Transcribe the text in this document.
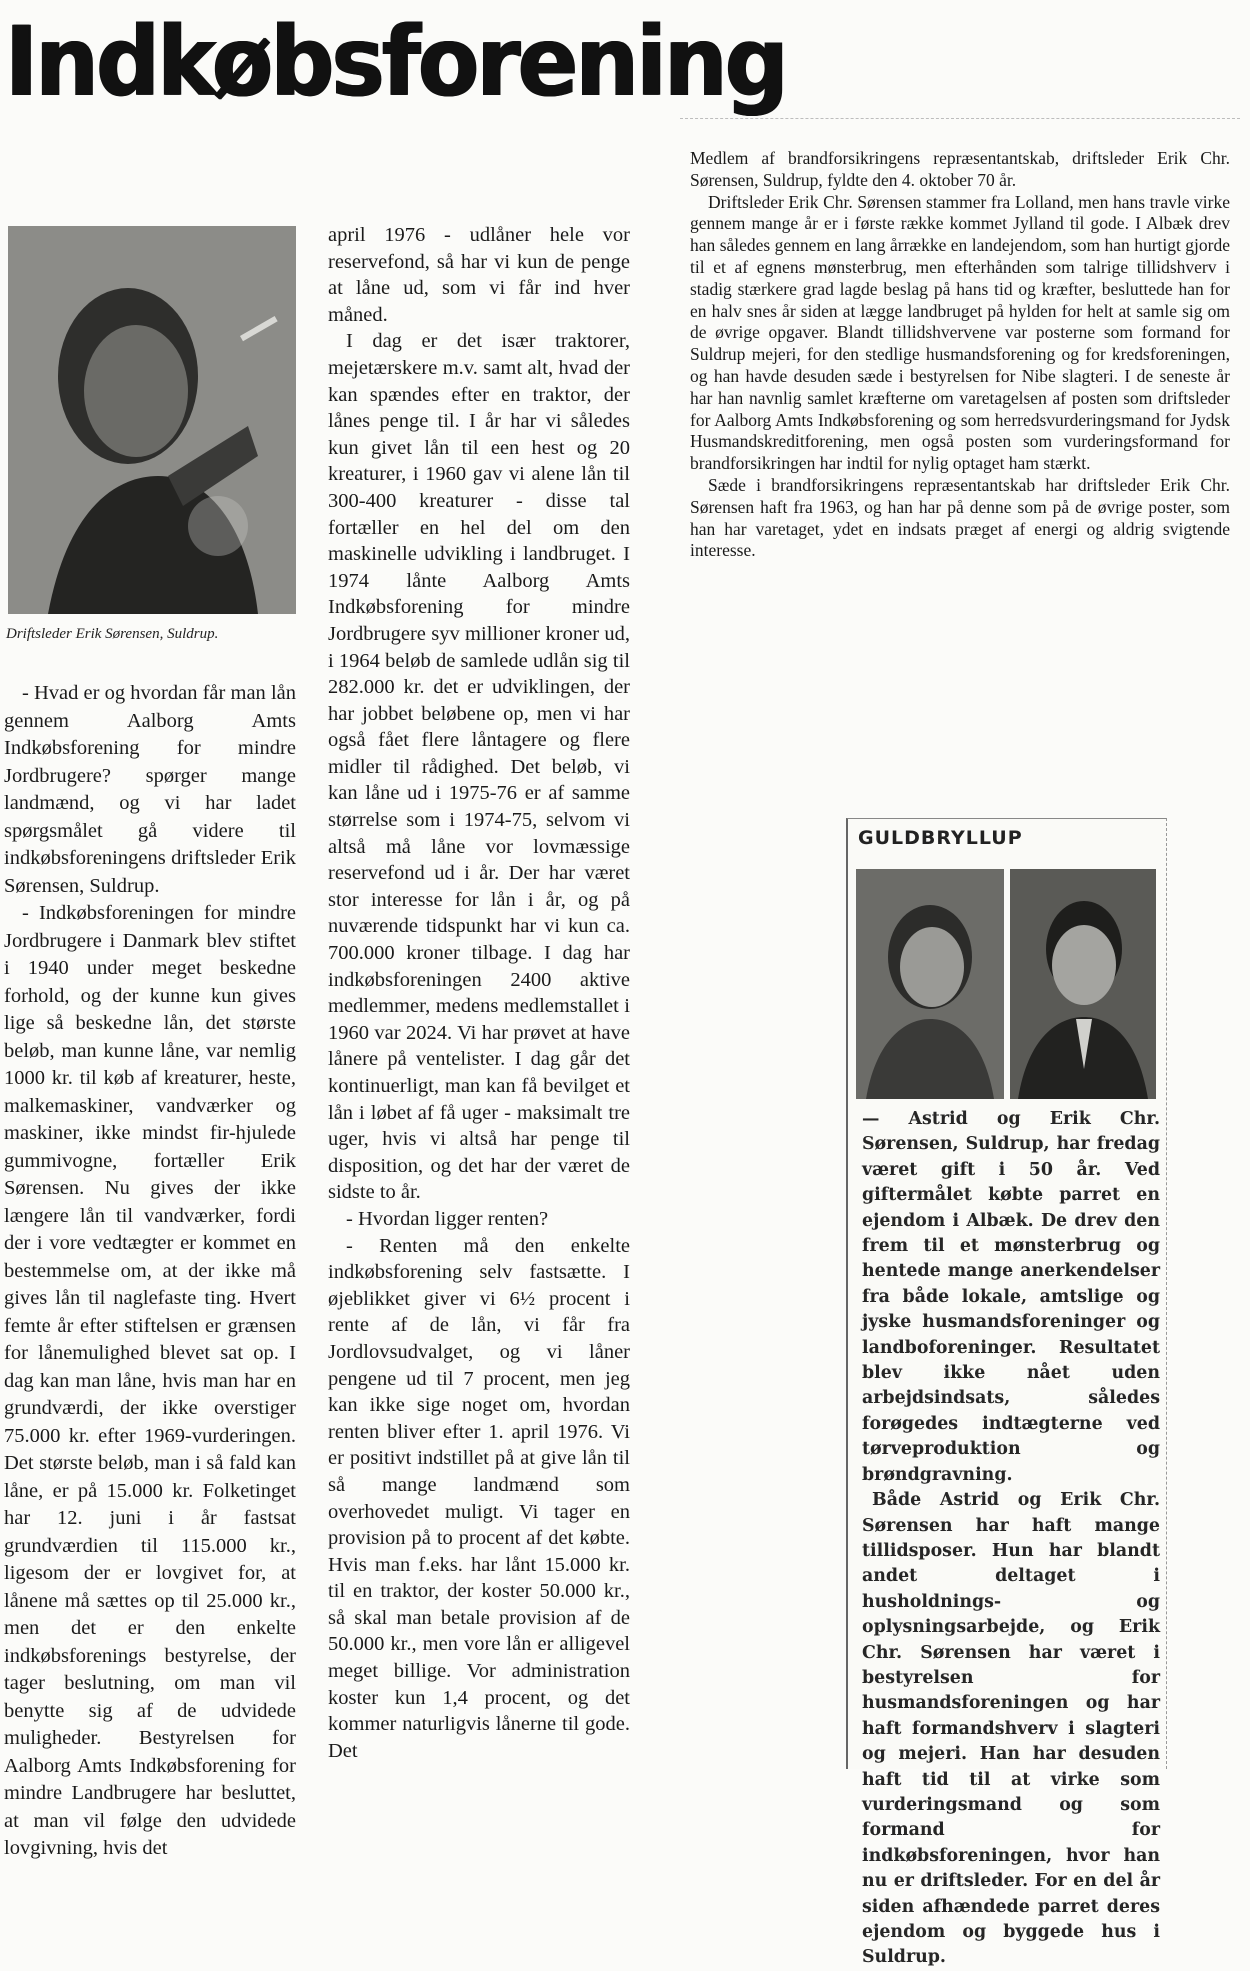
Indkøbsforening
Driftsleder Erik Sørensen, Suldrup.

- Hvad er og hvordan får man lån gennem Aalborg Amts Indkøbsforening for mindre Jordbrugere? spørger mange landmænd, og vi har ladet spørgsmålet gå videre til indkøbsforeningens driftsleder Erik Sørensen, Suldrup.

- Indkøbsforeningen for mindre Jordbrugere i Danmark blev stiftet i 1940 under meget beskedne forhold, og der kunne kun gives lige så beskedne lån, det største beløb, man kunne låne, var nemlig 1000 kr. til køb af kreaturer, heste, malkemaskiner, vandværker og maskiner, ikke mindst fir-hjulede gummivogne, fortæller Erik Sørensen. Nu gives der ikke længere lån til vandværker, fordi der i vore vedtægter er kommet en bestemmelse om, at der ikke må gives lån til naglefaste ting. Hvert femte år efter stiftelsen er grænsen for lånemulighed blevet sat op. I dag kan man låne, hvis man har en grundværdi, der ikke overstiger 75.000 kr. efter 1969-vurderingen. Det største beløb, man i så fald kan låne, er på 15.000 kr. Folketinget har 12. juni i år fastsat grundværdien til 115.000 kr., ligesom der er lovgivet for, at lånene må sættes op til 25.000 kr., men det er den enkelte indkøbsforenings bestyrelse, der tager beslutning, om man vil benytte sig af de udvidede muligheder. Bestyrelsen for Aalborg Amts Indkøbsforening for mindre Landbrugere har besluttet, at man vil følge den udvidede lovgivning, hvis det

april 1976 - udlåner hele vor reservefond, så har vi kun de penge at låne ud, som vi får ind hver måned.

I dag er det især traktorer, mejetærskere m.v. samt alt, hvad der kan spændes efter en traktor, der lånes penge til. I år har vi således kun givet lån til een hest og 20 kreaturer, i 1960 gav vi alene lån til 300-400 kreaturer - disse tal fortæller en hel del om den maskinelle udvikling i landbruget. I 1974 lånte Aalborg Amts Indkøbsforening for mindre Jordbrugere syv millioner kroner ud, i 1964 beløb de samlede udlån sig til 282.000 kr. det er udviklingen, der har jobbet beløbene op, men vi har også fået flere låntagere og flere midler til rådighed. Det beløb, vi kan låne ud i 1975-76 er af samme størrelse som i 1974-75, selvom vi altså må låne vor lovmæssige reservefond ud i år. Der har været stor interesse for lån i år, og på nuværende tidspunkt har vi kun ca. 700.000 kroner tilbage. I dag har indkøbsforeningen 2400 aktive medlemmer, medens medlemstallet i 1960 var 2024. Vi har prøvet at have lånere på ventelister. I dag går det kontinuerligt, man kan få bevilget et lån i løbet af få uger - maksimalt tre uger, hvis vi altså har penge til disposition, og det har der været de sidste to år.

- Hvordan ligger renten?

- Renten må den enkelte indkøbsforening selv fastsætte. I øjeblikket giver vi 6½ procent i rente af de lån, vi får fra Jordlovsudvalget, og vi låner pengene ud til 7 procent, men jeg kan ikke sige noget om, hvordan renten bliver efter 1. april 1976. Vi er positivt indstillet på at give lån til så mange landmænd som overhovedet muligt. Vi tager en provision på to procent af det købte. Hvis man f.eks. har lånt 15.000 kr. til en traktor, der koster 50.000 kr., så skal man betale provision af de 50.000 kr., men vore lån er alligevel meget billige. Vor administration koster kun 1,4 procent, og det kommer naturligvis lånerne til gode. Det

Medlem af brandforsikringens repræsentantskab, driftsleder Erik Chr. Sørensen, Suldrup, fyldte den 4. oktober 70 år.

Driftsleder Erik Chr. Sørensen stammer fra Lolland, men hans travle virke gennem mange år er i første række kommet Jylland til gode. I Albæk drev han således gennem en lang årrække en landejendom, som han hurtigt gjorde til et af egnens mønsterbrug, men efterhånden som talrige tillidshverv i stadig stærkere grad lagde beslag på hans tid og kræfter, besluttede han for en halv snes år siden at lægge landbruget på hylden for helt at samle sig om de øvrige opgaver. Blandt tillidshvervene var posterne som formand for Suldrup mejeri, for den stedlige husmandsforening og for kredsforeningen, og han havde desuden sæde i bestyrelsen for Nibe slagteri. I de seneste år har han navnlig samlet kræfterne om varetagelsen af posten som driftsleder for Aalborg Amts Indkøbsforening og som herredsvurderingsmand for Jydsk Husmandskreditforening, men også posten som vurderingsformand for brandforsikringen har indtil for nylig optaget ham stærkt.

Sæde i brandforsikringens repræsentantskab har driftsleder Erik Chr. Sørensen haft fra 1963, og han har på denne som på de øvrige poster, som han har varetaget, ydet en indsats præget af energi og aldrig svigtende interesse.

GULDBRYLLUP

— Astrid og Erik Chr. Sørensen, Suldrup, har fredag været gift i 50 år. Ved giftermålet købte parret en ejendom i Albæk. De drev den frem til et mønsterbrug og hentede mange anerkendelser fra både lokale, amtslige og jyske husmandsforeninger og landboforeninger. Resultatet blev ikke nået uden arbejdsindsats, således forøgedes indtægterne ved tørveproduktion og brøndgravning.

Både Astrid og Erik Chr. Sørensen har haft mange tillidsposer. Hun har blandt andet deltaget i husholdnings- og oplysningsarbejde, og Erik Chr. Sørensen har været i bestyrelsen for husmandsforeningen og har haft formandshverv i slagteri og mejeri. Han har desuden haft tid til at virke som vurderingsmand og som formand for indkøbsforeningen, hvor han nu er driftsleder. For en del år siden afhændede parret deres ejendom og byggede hus i Suldrup.
